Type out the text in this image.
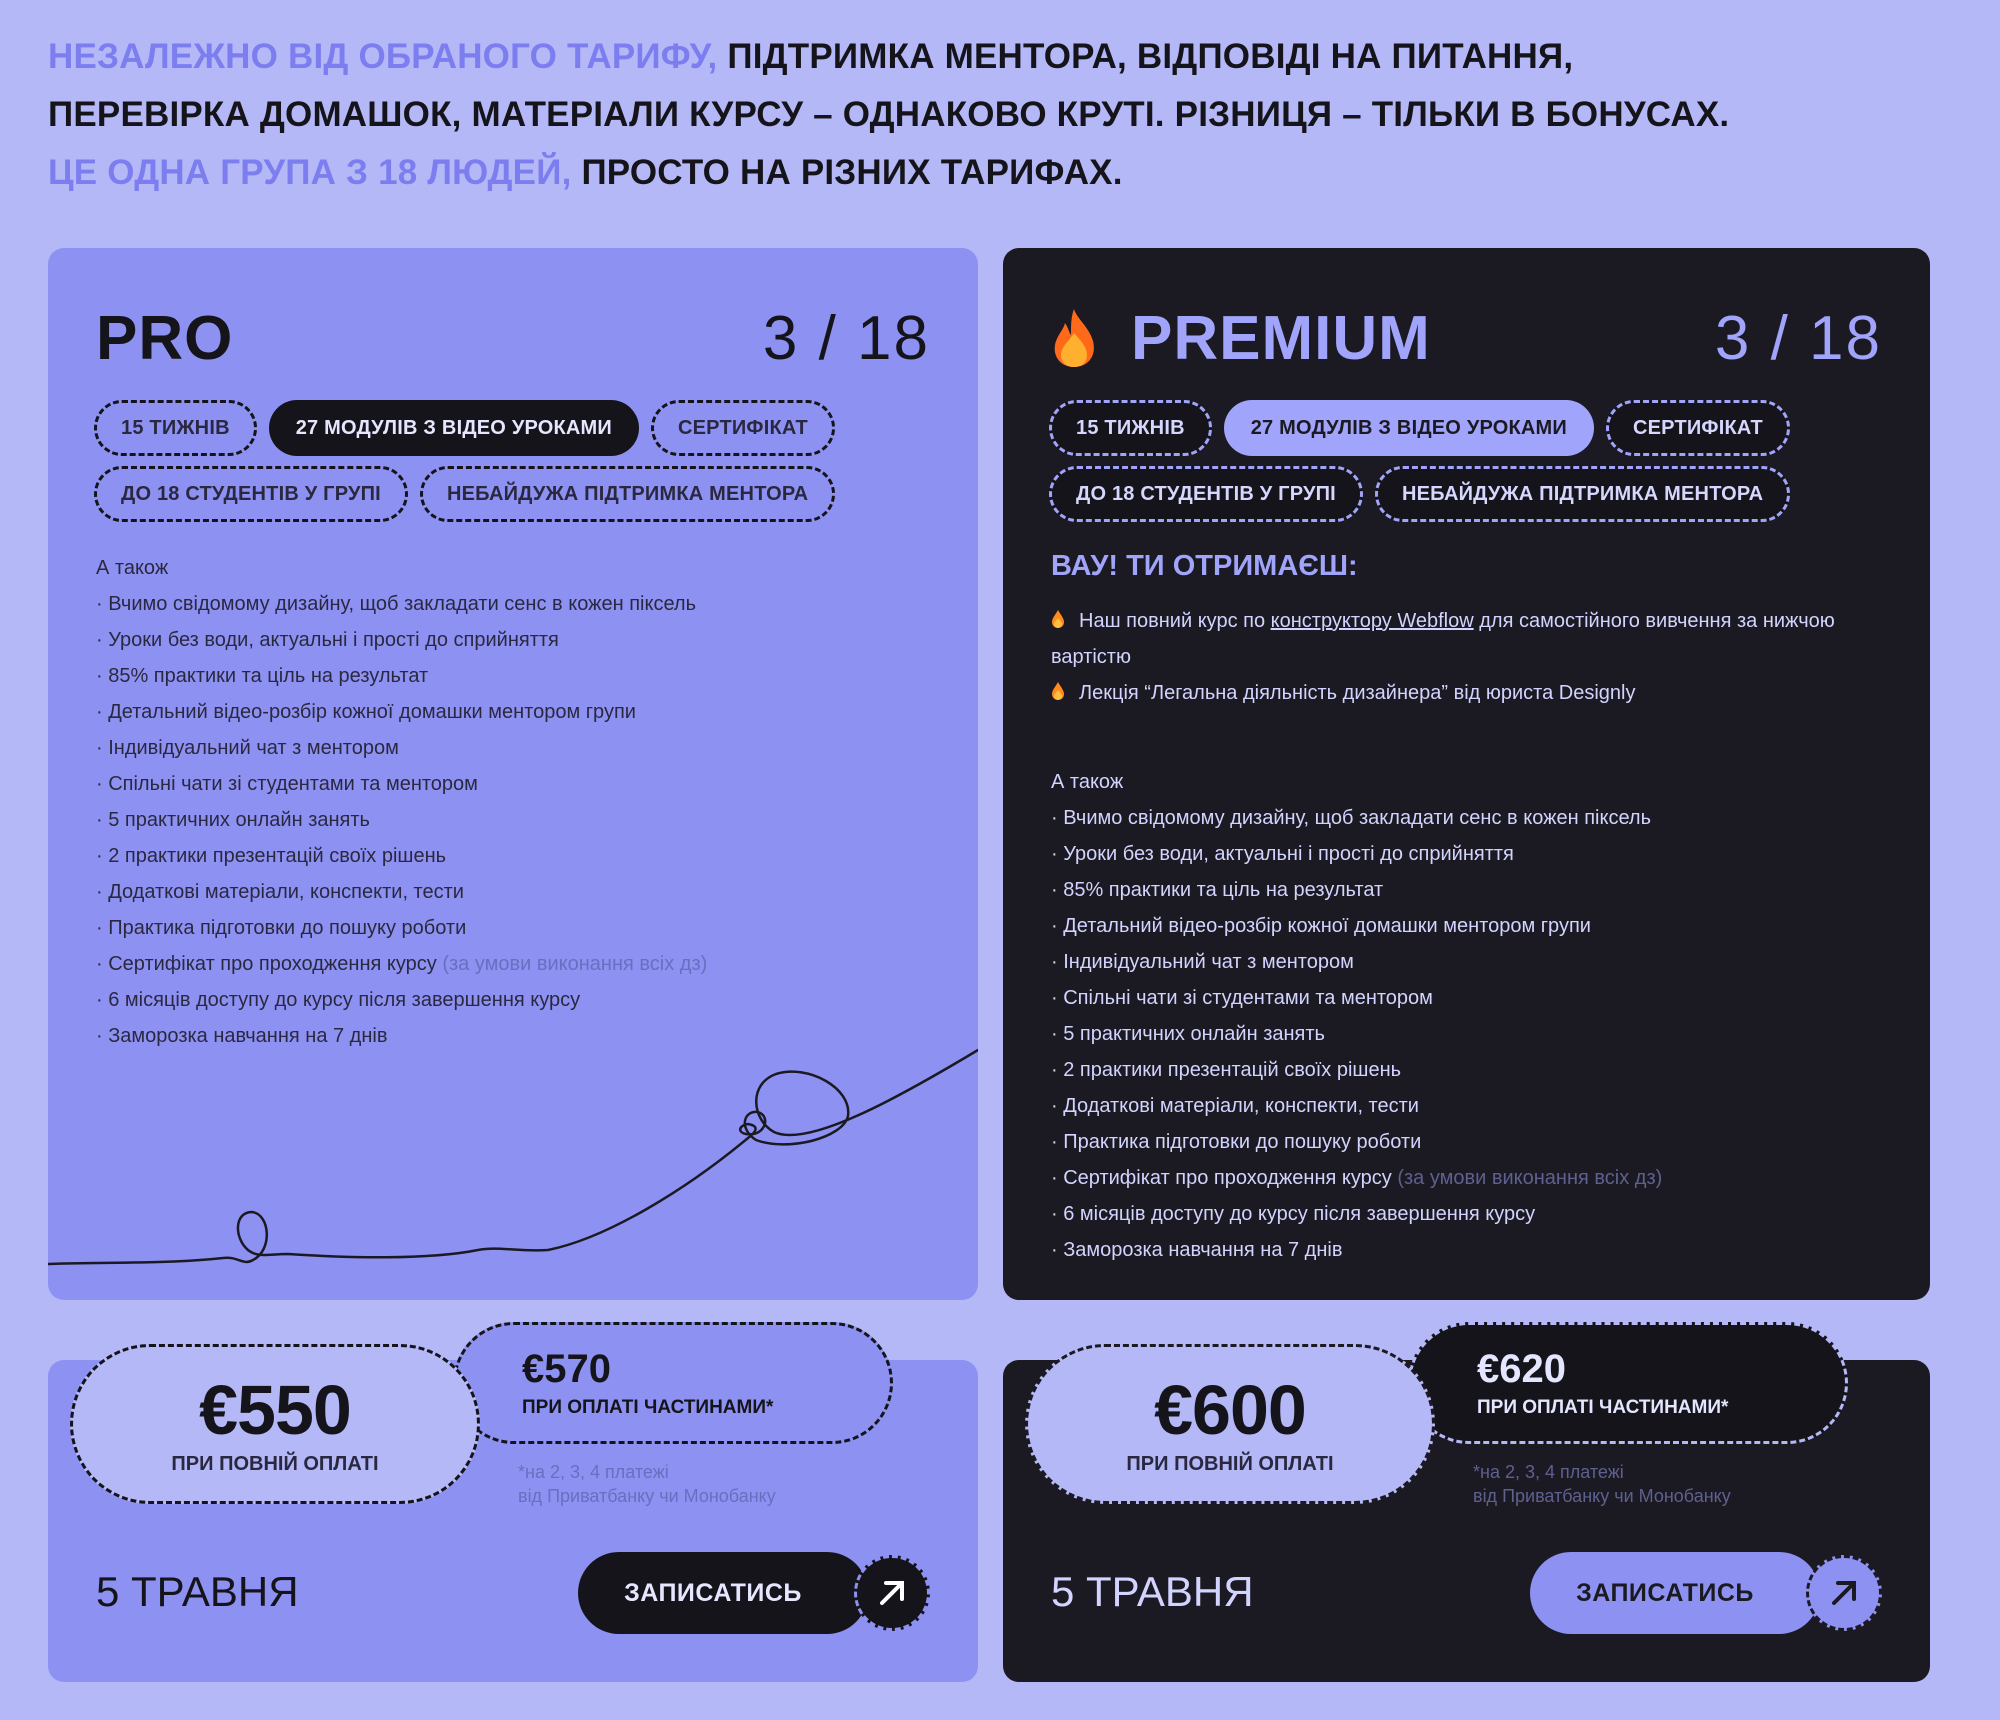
НЕЗАЛЕЖНО ВІД ОБРАНОГО ТАРИФУ, ПІДТРИМКА МЕНТОРА, ВІДПОВІДІ НА ПИТАННЯ,
ПЕРЕВІРКА ДОМАШОК, МАТЕРІАЛИ КУРСУ – ОДНАКОВО КРУТІ. РІЗНИЦЯ – ТІЛЬКИ В БОНУСАХ.
ЦЕ ОДНА ГРУПА З 18 ЛЮДЕЙ, ПРОСТО НА РІЗНИХ ТАРИФАХ.
PRO	3 / 18
15 ТИЖНІВ	27 МОДУЛІВ З ВІДЕО УРОКАМИ	СЕРТИФІКАТ
ДО 18 СТУДЕНТІВ У ГРУПІ	НЕБАЙДУЖА ПІДТРИМКА МЕНТОРА
А також
· Вчимо свідомому дизайну, щоб закладати сенс в кожен піксель
· Уроки без води, актуальні і прості до сприйняття
· 85% практики та ціль на результат
· Детальний відео-розбір кожної домашки ментором групи
· Індивідуальний чат з ментором
· Спільні чати зі студентами та ментором
· 5 практичних онлайн занять
· 2 практики презентацій своїх рішень
· Додаткові матеріали, конспекти, тести
· Практика підготовки до пошуку роботи
· Сертифікат про проходження курсу (за умови виконання всіх дз)
· 6 місяців доступу до курсу після завершення курсу
· Заморозка навчання на 7 днів
PREMIUM	3 / 18
15 ТИЖНІВ	27 МОДУЛІВ З ВІДЕО УРОКАМИ	СЕРТИФІКАТ
ДО 18 СТУДЕНТІВ У ГРУПІ	НЕБАЙДУЖА ПІДТРИМКА МЕНТОРА
ВАУ! ТИ ОТРИМАЄШ:
Наш повний курс по конструктору Webflow для самостійного вивчення за нижчою вартістю
Лекція “Легальна діяльність дизайнера” від юриста Designly
А також
· Вчимо свідомому дизайну, щоб закладати сенс в кожен піксель
· Уроки без води, актуальні і прості до сприйняття
· 85% практики та ціль на результат
· Детальний відео-розбір кожної домашки ментором групи
· Індивідуальний чат з ментором
· Спільні чати зі студентами та ментором
· 5 практичних онлайн занять
· 2 практики презентацій своїх рішень
· Додаткові матеріали, конспекти, тести
· Практика підготовки до пошуку роботи
· Сертифікат про проходження курсу (за умови виконання всіх дз)
· 6 місяців доступу до курсу після завершення курсу
· Заморозка навчання на 7 днів
€570
ПРИ ОПЛАТІ ЧАСТИНАМИ*
€550
ПРИ ПОВНІЙ ОПЛАТІ	*на 2, 3, 4 платежі
від Приватбанку чи Монобанку
5 ТРАВНЯ	ЗАПИСАТИСЬ
€620
ПРИ ОПЛАТІ ЧАСТИНАМИ*
€600
ПРИ ПОВНІЙ ОПЛАТІ	*на 2, 3, 4 платежі
від Приватбанку чи Монобанку
5 ТРАВНЯ	ЗАПИСАТИСЬ
